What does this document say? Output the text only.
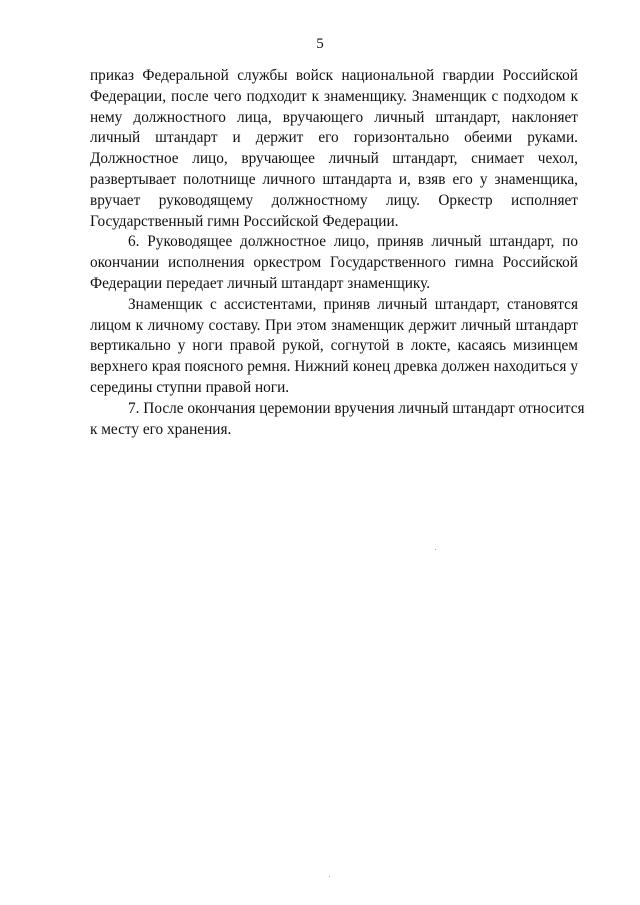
5

приказ Федеральной службы войск национальной гвардии Российской
Федерации, после чего подходит к знаменщику. Знаменщик с подходом к
нему должностного лица, вручающего личный штандарт, наклоняет
личный штандарт и держит его горизонтально обеими руками.
Должностное лицо, вручающее личный штандарт, снимает чехол,
развертывает полотнище личного штандарта и, взяв его у знаменщика,
вручает руководящему должностному лицу. Оркестр исполняет
Государственный гимн Российской Федерации.

6. Руководящее должностное лицо, приняв личный штандарт, по
окончании исполнения оркестром Государственного гимна Российской
Федерации передает личный штандарт знаменщику.

Знаменщик с ассистентами, приняв личный штандарт, становятся
лицом к личному составу. При этом знаменщик держит личный штандарт
вертикально у ноги правой рукой, согнутой в локте, касаясь мизинцем
верхнего края поясного ремня. Нижний конец древка должен находиться у
середины ступни правой ноги.

7. После окончания церемонии вручения личный штандарт относится
к месту его хранения.
